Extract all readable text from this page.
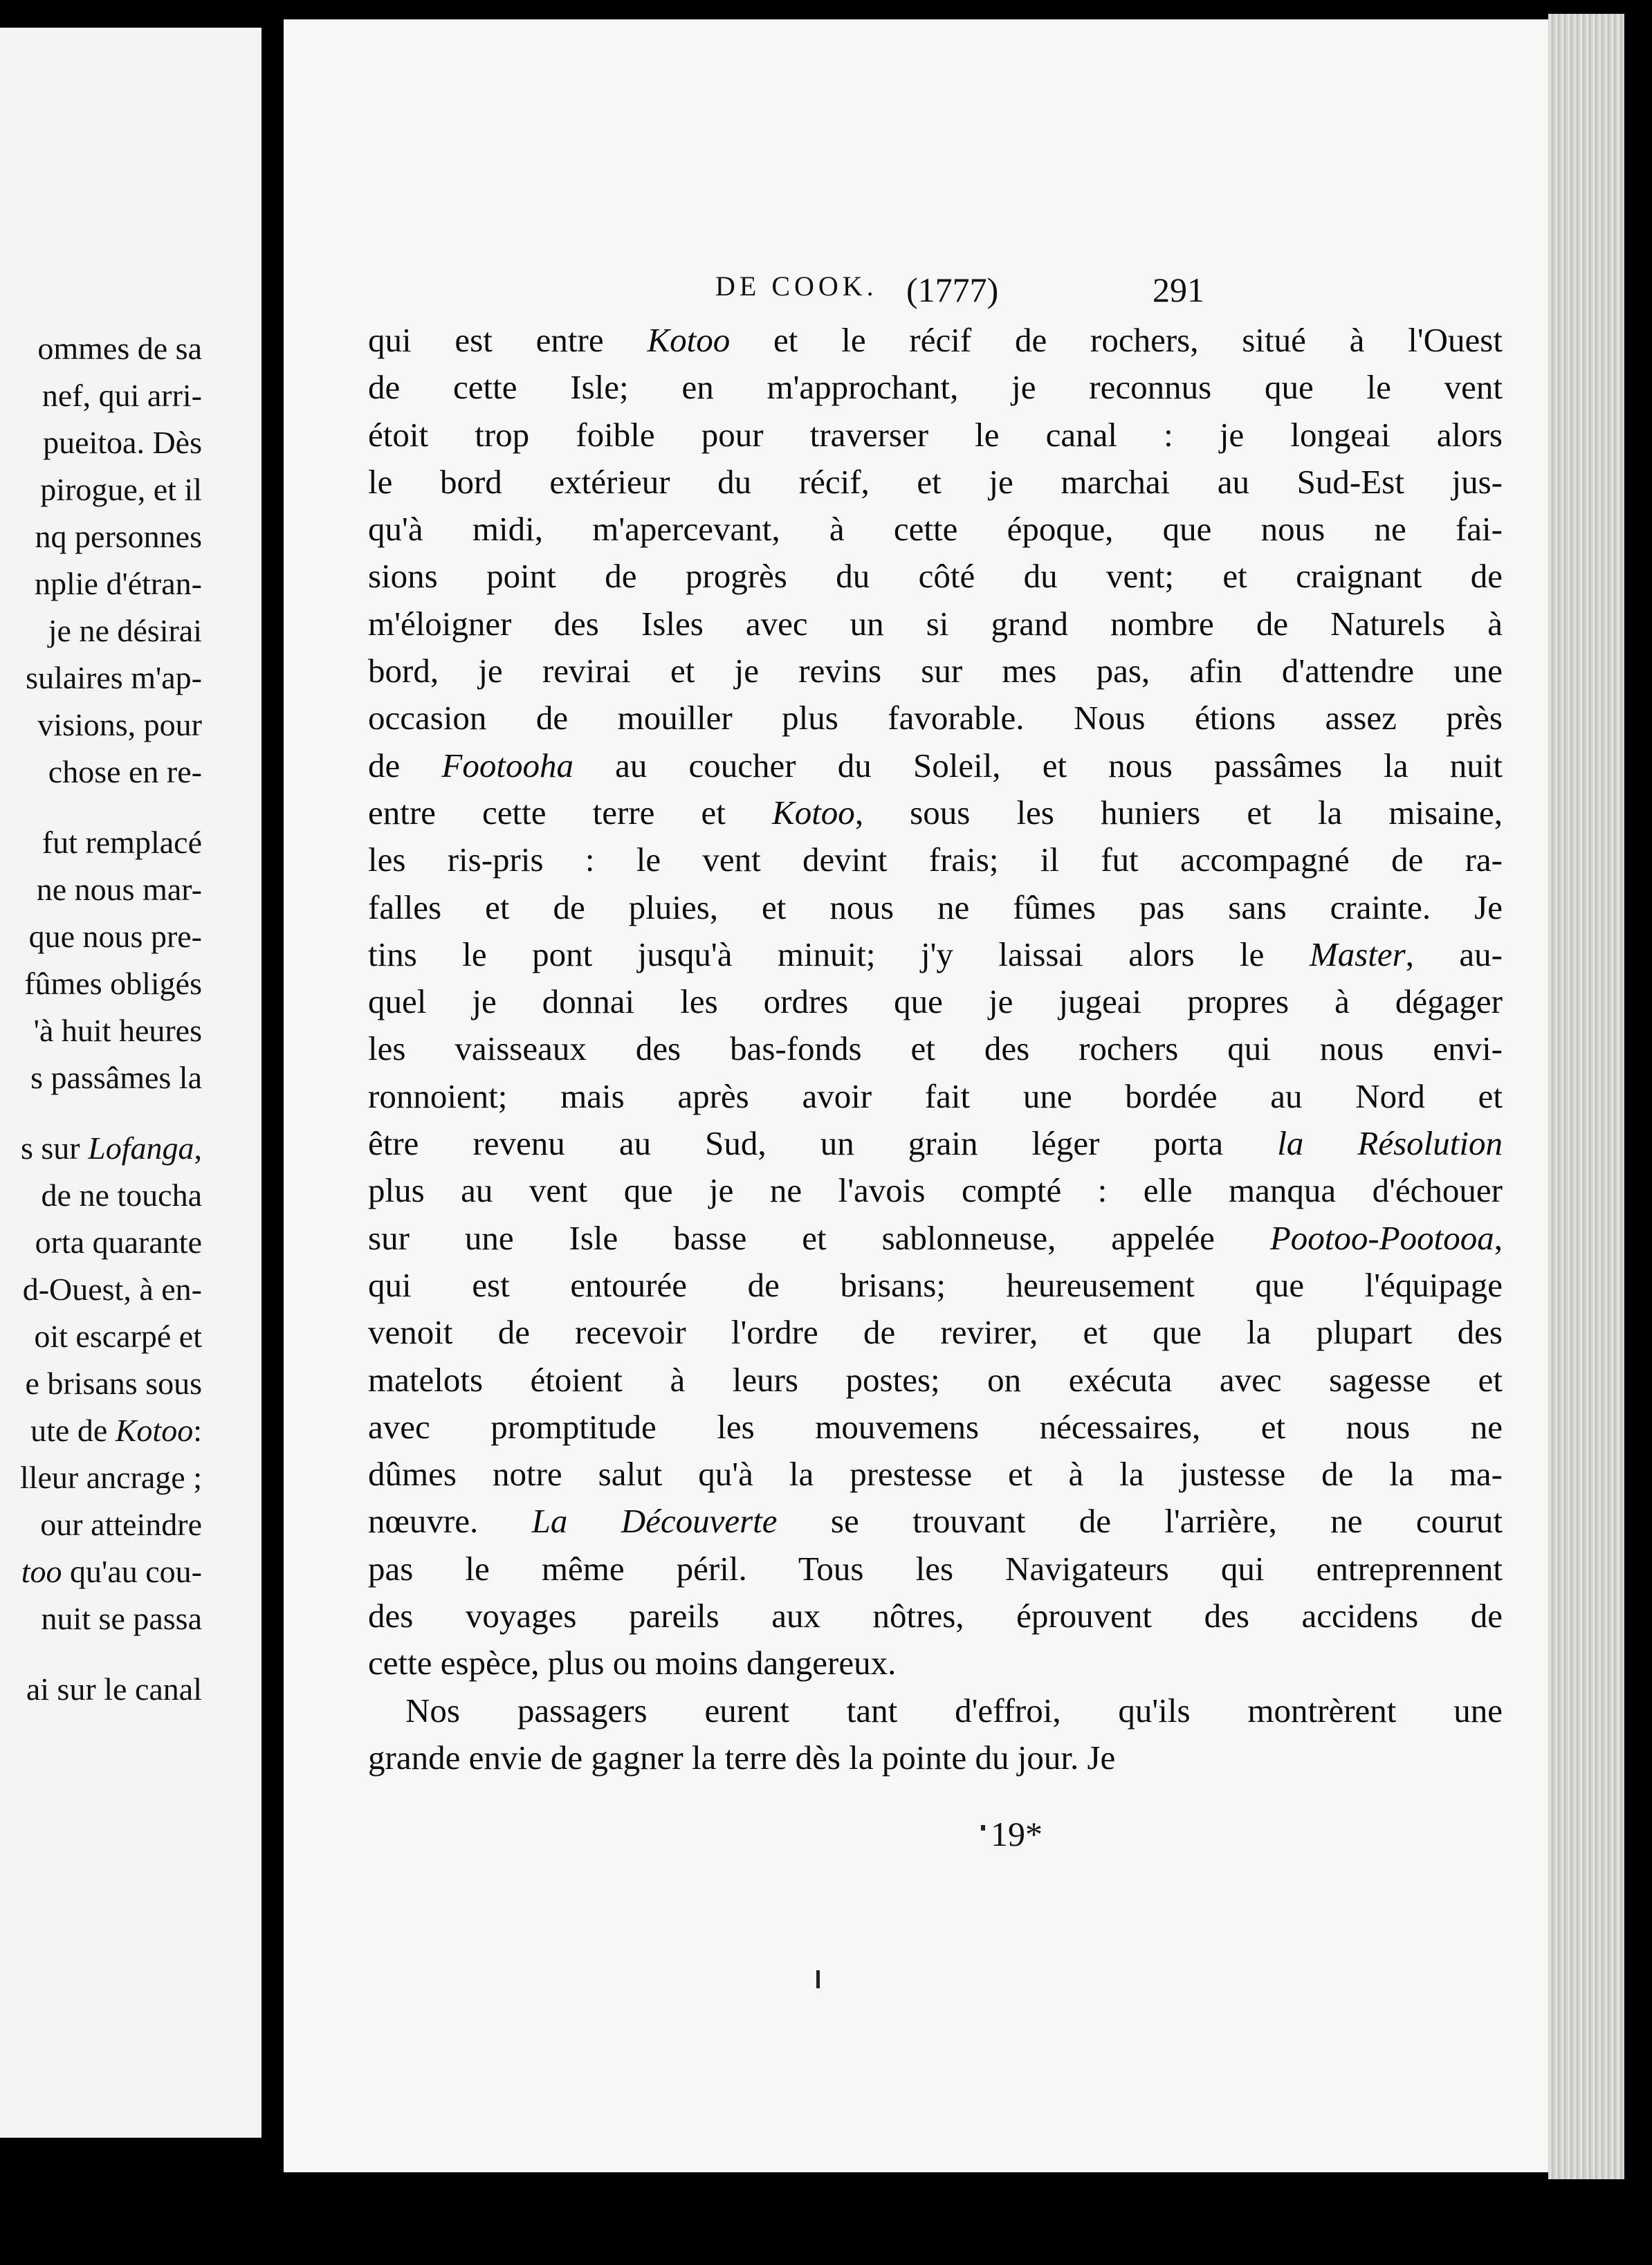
ommes de sa
nef, qui arri-
pueitoa. Dès
pirogue, et il
nq personnes
nplie d'étran-
je ne désirai
sulaires m'ap-
visions, pour
chose en re-
fut remplacé
ne nous mar-
que nous pre-
fûmes obligés
'à huit heures
s passâmes la
s sur Lofanga,
de ne toucha
orta quarante
d-Ouest, à en-
oit escarpé et
e brisans sous
ute de Kotoo:
lleur ancrage ;
our atteindre
too qu'au cou-
nuit se passa
ai sur le canal
DE COOK. (1777)	291
qui est entre Kotoo et le récif de rochers, situé à l'Ouest
de cette Isle; en m'approchant, je reconnus que le vent
étoit trop foible pour traverser le canal : je longeai alors
le bord extérieur du récif, et je marchai au Sud-Est jus-
qu'à midi, m'apercevant, à cette époque, que nous ne fai-
sions point de progrès du côté du vent; et craignant de
m'éloigner des Isles avec un si grand nombre de Naturels à
bord, je revirai et je revins sur mes pas, afin d'attendre une
occasion de mouiller plus favorable. Nous étions assez près
de Footooha au coucher du Soleil, et nous passâmes la nuit
entre cette terre et Kotoo, sous les huniers et la misaine,
les ris-pris : le vent devint frais; il fut accompagné de ra-
falles et de pluies, et nous ne fûmes pas sans crainte. Je
tins le pont jusqu'à minuit; j'y laissai alors le Master, au-
quel je donnai les ordres que je jugeai propres à dégager
les vaisseaux des bas-fonds et des rochers qui nous envi-
ronnoient; mais après avoir fait une bordée au Nord et
être revenu au Sud, un grain léger porta la Résolution
plus au vent que je ne l'avois compté : elle manqua d'échouer
sur une Isle basse et sablonneuse, appelée Pootoo-Pootooa,
qui est entourée de brisans; heureusement que l'équipage
venoit de recevoir l'ordre de revirer, et que la plupart des
matelots étoient à leurs postes; on exécuta avec sagesse et
avec promptitude les mouvemens nécessaires, et nous ne
dûmes notre salut qu'à la prestesse et à la justesse de la ma-
nœuvre. La Découverte se trouvant de l'arrière, ne courut
pas le même péril. Tous les Navigateurs qui entreprennent
des voyages pareils aux nôtres, éprouvent des accidens de
cette espèce, plus ou moins dangereux.
Nos passagers eurent tant d'effroi, qu'ils montrèrent une
grande envie de gagner la terre dès la pointe du jour. Je
19*
